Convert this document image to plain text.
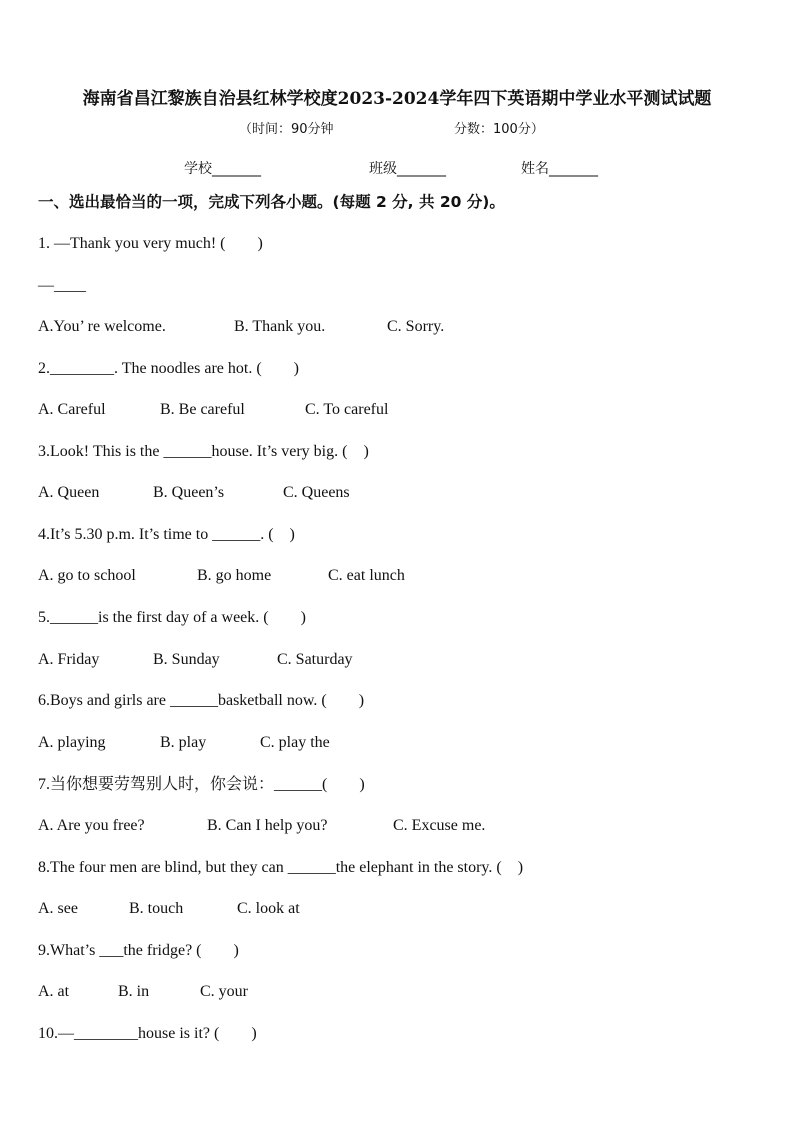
海南省昌江黎族自治县红林学校度2023-2024学年四下英语期中学业水平测试试题
（时间：90分钟	分数：100分）
学校_______	班级_______	姓名_______
一、选出最恰当的一项，完成下列各小题。(每题 2 分, 共 20 分)。
1. —Thank you very much! (　　)
—____
A.You’ re welcome.	B. Thank you.	C. Sorry.
2.________. The noodles are hot. (　　)
A. Careful	B. Be careful	C. To careful
3.Look! This is the ______house. It’s very big. (　)
A. Queen	B. Queen’s	C. Queens
4.It’s 5.30 p.m. It’s time to ______. (　)
A. go to school	B. go home	C. eat lunch
5.______is the first day of a week. (　　)
A. Friday	B. Sunday	C. Saturday
6.Boys and girls are ______basketball now. (　　)
A. playing	B. play	C. play the
7.当你想要劳驾别人时，你会说：______(　　)
A. Are you free?	B. Can I help you?	C. Excuse me.
8.The four men are blind, but they can ______the elephant in the story. (　)
A. see	B. touch	C. look at
9.What’s ___the fridge? (　　)
A. at	B. in	C. your
10.—________house is it? (　　)
